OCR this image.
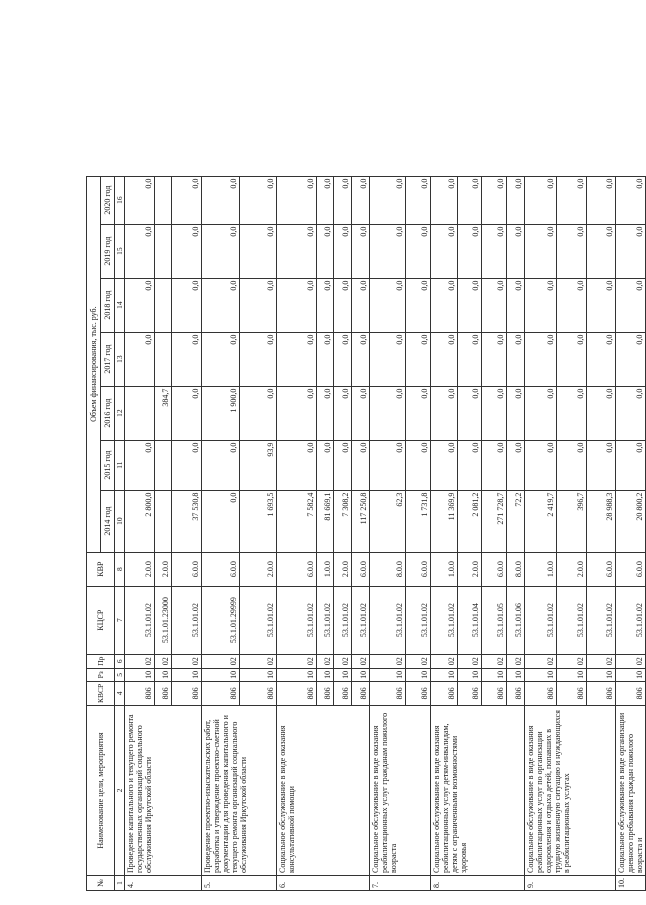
№	Наименование цели, мероприятия	КВСР	Рз	Пр	КЦСР	КВР	Объем финансирования, тыс. руб.						
							2014 год	2015 год	2016 год	2017 год	2018 год	2019 год	2020 год
1	2	4	5	6	7	8	10	11	12	13	14	15	16
4.	Проведение капитального и текущего ремонта государственных организаций социального обслуживания Иркутской области	806	10	02	53.1.01.02	2.0.0	2 800,0	0,0		0,0	0,0	0,0	0,0
		806	10	02	53.1.01.23000	2.0.0			384,7				
		806	10	02	53.1.01.02	6.0.0	37 530,8	0,0	0,0	0,0	0,0	0,0	0,0
5.	Проведение проектно-изыскательских работ, разработка и утверждение проектно-сметной документации для проведения капитального и текущего ремонта организаций социального обслуживания Иркутской области	806	10	02	53.1.01.29999	6.0.0	0,0	0,0	1 900,0	0,0	0,0	0,0	0,0
		806	10	02	53.1.01.02	2.0.0	1 693,5	93,9	0,0	0,0	0,0	0,0	0,0
6.	Социальное обслуживание в виде оказания консультативной помощи	806	10	02	53.1.01.02	6.0.0	7 582,4	0,0	0,0	0,0	0,0	0,0	0,0
		806	10	02	53.1.01.02	1.0.0	81 669,1	0,0	0,0	0,0	0,0	0,0	0,0
		806	10	02	53.1.01.02	2.0.0	7 308,2	0,0	0,0	0,0	0,0	0,0	0,0
		806	10	02	53.1.01.02	6.0.0	117 250,8	0,0	0,0	0,0	0,0	0,0	0,0
7.	Социальное обслуживание в виде оказания реабилитационных услуг гражданам пожилого возраста	806	10	02	53.1.01.02	8.0.0	62,3	0,0	0,0	0,0	0,0	0,0	0,0
		806	10	02	53.1.01.02	6.0.0	1 731,8	0,0	0,0	0,0	0,0	0,0	0,0
8.	Социальное обслуживание в виде оказания реабилитационных услуг детям-инвалидам, детям с ограниченными возможностями здоровья	806	10	02	53.1.01.02	1.0.0	11 369,9	0,0	0,0	0,0	0,0	0,0	0,0
		806	10	02	53.1.01.04	2.0.0	2 081,2	0,0	0,0	0,0	0,0	0,0	0,0
		806	10	02	53.1.01.05	6.0.0	271 728,7	0,0	0,0	0,0	0,0	0,0	0,0
		806	10	02	53.1.01.06	8.0.0	72,2	0,0	0,0	0,0	0,0	0,0	0,0
9.	Социальное обслуживание в виде оказания реабилитационных услуг по организации оздоровления и отдыха детей, попавших в трудную жизненную ситуацию и нуждающихся в реабилитационных услугах	806	10	02	53.1.01.02	1.0.0	2 419,7	0,0	0,0	0,0	0,0	0,0	0,0
		806	10	02	53.1.01.02	2.0.0	396,7	0,0	0,0	0,0	0,0	0,0	0,0
		806	10	02	53.1.01.02	6.0.0	28 988,3	0,0	0,0	0,0	0,0	0,0	0,0
10.	Социальное обслуживание в виде организации дневного пребывания граждан пожилого возраста и	806	10	02	53.1.01.02	6.0.0	20 800,2	0,0	0,0	0,0	0,0	0,0	0,0
